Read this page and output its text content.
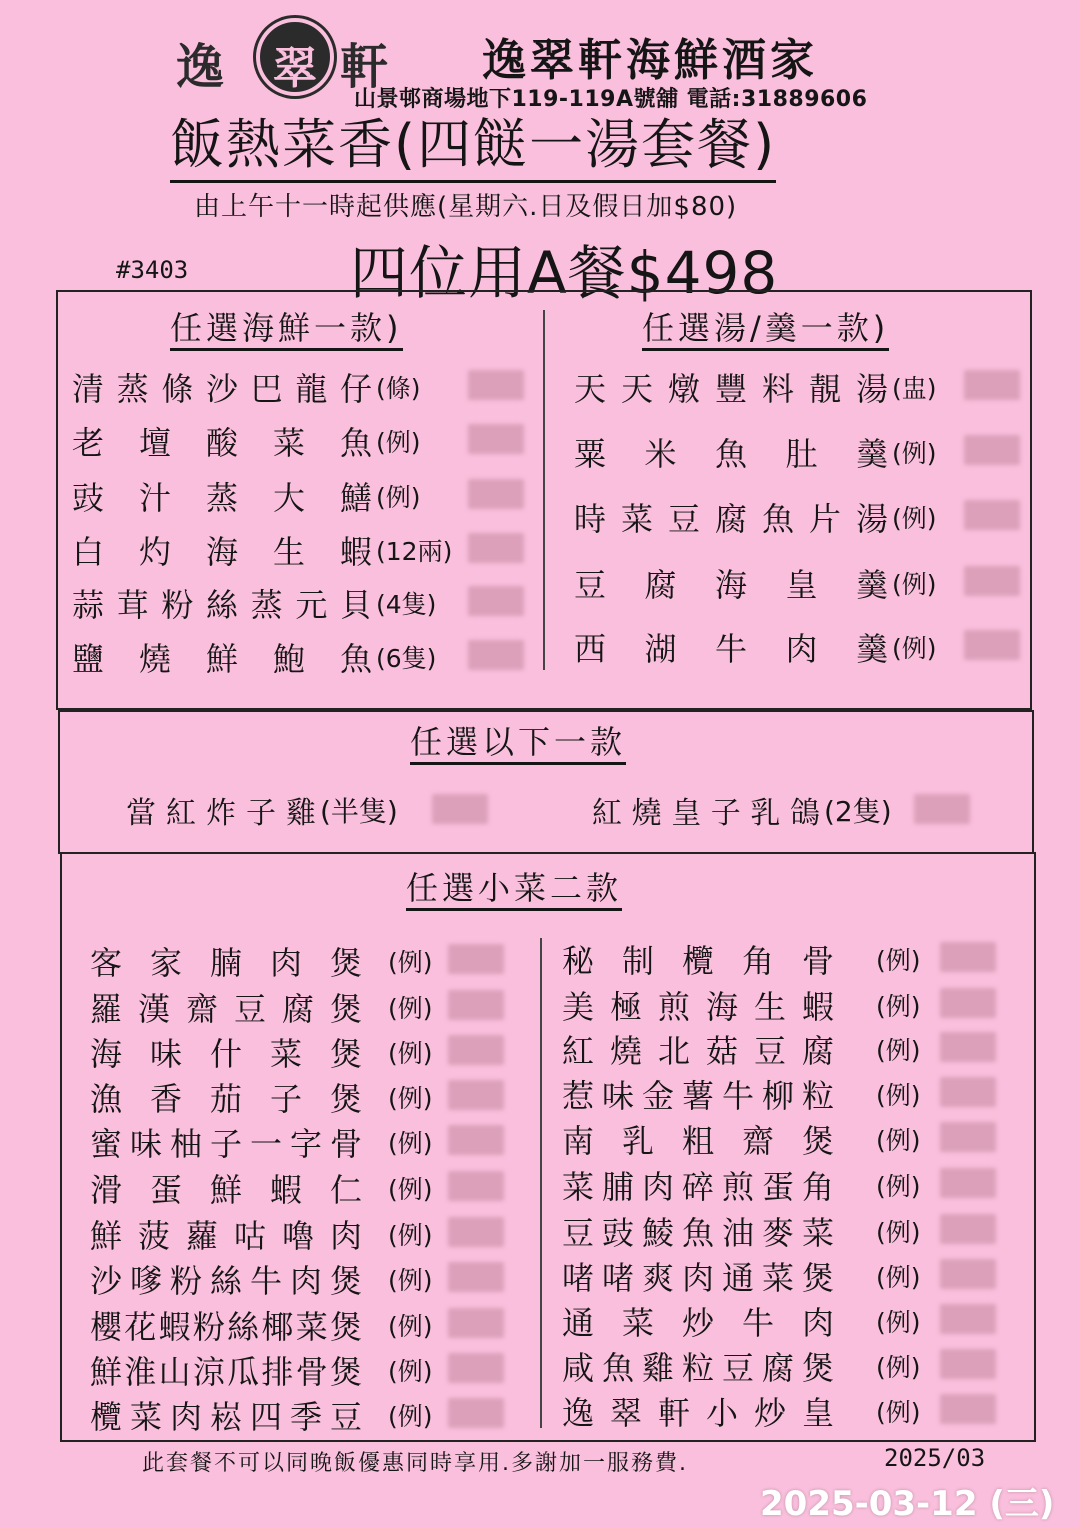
逸 翠 軒 逸翠軒海鮮酒家
山景邨商場地下119-119A號舖 電話:31889606
飯熱菜香(四餸一湯套餐)
由上午十一時起供應(星期六.日及假日加$80)
#3403	四位用A餐$498
任選海鮮一款)	任選湯/羹一款)
清蒸條沙巴龍仔 (條)
老壇酸菜魚 (例)
豉汁蒸大鱔 (例)
白灼海生蝦 (12兩)
蒜茸粉絲蒸元貝 (4隻)
鹽燒鮮鮑魚 (6隻)
天天燉豐料靚湯 (盅)
粟米魚肚羹 (例)
時菜豆腐魚片湯 (例)
豆腐海皇羹 (例)
西湖牛肉羹 (例)
任選以下一款
當紅炸子雞 (半隻)	紅燒皇子乳鴿 (2隻)
任選小菜二款
客家腩肉煲 (例)
羅漢齋豆腐煲 (例)
海味什菜煲 (例)
漁香茄子煲 (例)
蜜味柚子一字骨 (例)
滑蛋鮮蝦仁 (例)
鮮菠蘿咕嚕肉 (例)
沙嗲粉絲牛肉煲 (例)
櫻花蝦粉絲椰菜煲 (例)
鮮淮山涼瓜排骨煲 (例)
欖菜肉崧四季豆 (例)
秘制欖角骨 (例)
美極煎海生蝦 (例)
紅燒北菇豆腐 (例)
惹味金薯牛柳粒 (例)
南乳粗齋煲 (例)
菜脯肉碎煎蛋角 (例)
豆豉鯪魚油麥菜 (例)
啫啫爽肉通菜煲 (例)
通菜炒牛肉 (例)
咸魚雞粒豆腐煲 (例)
逸翠軒小炒皇 (例)
此套餐不可以同晚飯優惠同時享用.多謝加一服務費.	2025/03
2025-03-12 (三)
